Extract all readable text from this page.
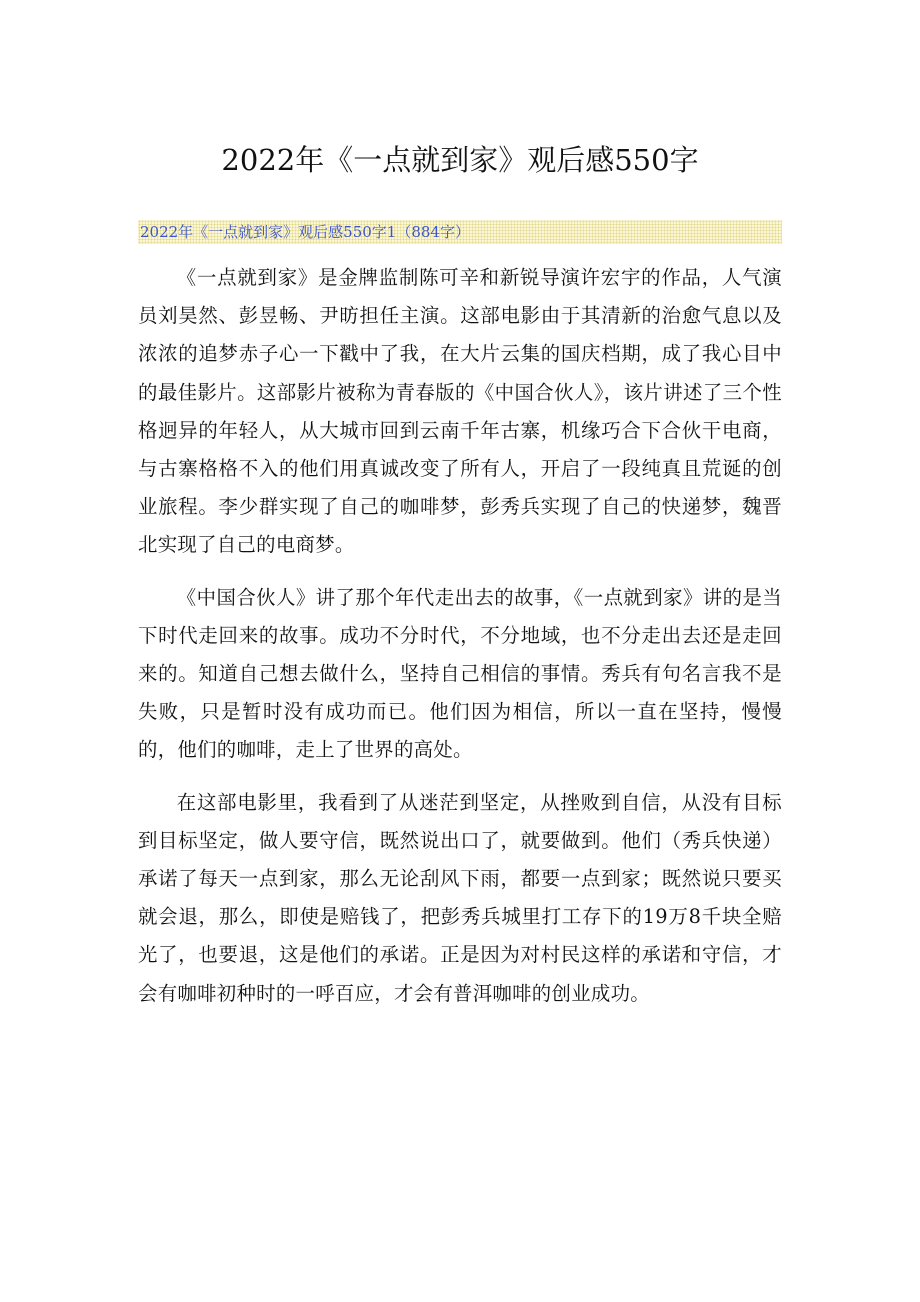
2022年《一点就到家》观后感550字
2022年《一点就到家》观后感550字1（884字）

《一点就到家》是金牌监制陈可辛和新锐导演许宏宇的作品，人气演员刘昊然、彭昱畅、尹昉担任主演。这部电影由于其清新的治愈气息以及浓浓的追梦赤子心一下戳中了我，在大片云集的国庆档期，成了我心目中的最佳影片。这部影片被称为青春版的《中国合伙人》，该片讲述了三个性格迥异的年轻人，从大城市回到云南千年古寨，机缘巧合下合伙干电商，与古寨格格不入的他们用真诚改变了所有人，开启了一段纯真且荒诞的创业旅程。李少群实现了自己的咖啡梦，彭秀兵实现了自己的快递梦，魏晋北实现了自己的电商梦。

《中国合伙人》讲了那个年代走出去的故事，《一点就到家》讲的是当下时代走回来的故事。成功不分时代，不分地域，也不分走出去还是走回来的。知道自己想去做什么，坚持自己相信的事情。秀兵有句名言我不是失败，只是暂时没有成功而已。他们因为相信，所以一直在坚持，慢慢的，他们的咖啡，走上了世界的高处。

在这部电影里，我看到了从迷茫到坚定，从挫败到自信，从没有目标到目标坚定，做人要守信，既然说出口了，就要做到。他们（秀兵快递）承诺了每天一点到家，那么无论刮风下雨，都要一点到家；既然说只要买就会退，那么，即使是赔钱了，把彭秀兵城里打工存下的19万8千块全赔光了，也要退，这是他们的承诺。正是因为对村民这样的承诺和守信，才会有咖啡初种时的一呼百应，才会有普洱咖啡的创业成功。
